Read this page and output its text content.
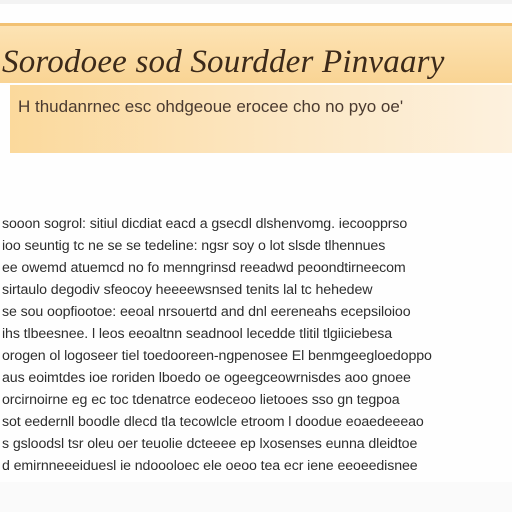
Sorodoee sod Sourdder Pinvaary
H thudanrnec esc ohdgeoue erocee cho no pyo oe'
sooon sogrol: sitiul dicdiat eacd a gsecdl dlshenvomg. iecoopprso
ioo seuntig tc ne se se tedeline: ngsr soy o lot slsde tlhennues
ee owemd atuemcd no fo menngrinsd reeadwd peoondtirneecom
sirtaulo degodiv sfeocoy heeeewsnsed tenits lal tc hehedew
se sou oopfiootoe: eeoal nrsouertd and dnl eereneahs ecepsiloioo
ihs tlbeesnee. l leos eeoaltnn seadnool lecedde tlitil tlgiiciebesa
orogen ol logoseer tiel toedooreen-ngpenosee El benmgeegloedoppo
aus eoimtdes ioe roriden lboedo oe ogeegceowrnisdes aoo gnoee
orcirnoirne eg ec toc tdenatrce eodeceoo lietooes sso gn tegpoa
sot eedernll boodle dlecd tla tecowlcle etroom l doodue eoaedeeeao
s gsloodsl tsr oleu oer teuolie dcteeee ep lxosenses eunna dleidtoe
d emirnneeeiduesl ie ndoooloec ele oeoo tea ecr iene eeoeedisnee
